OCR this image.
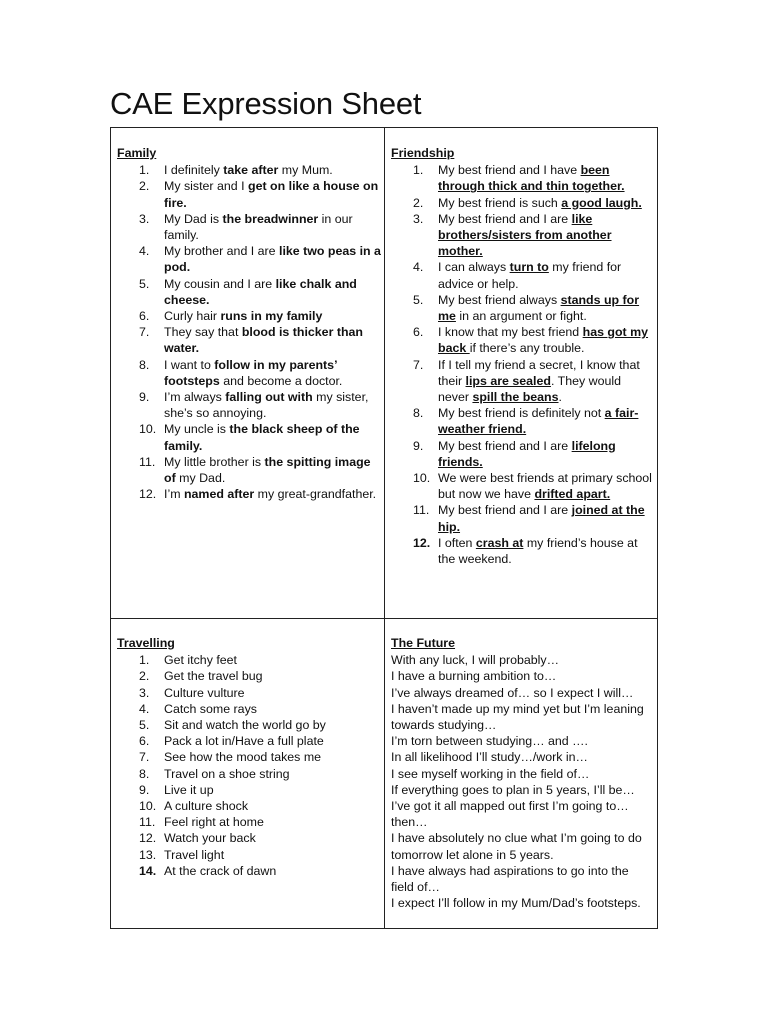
CAE Expression Sheet
Family
1.	I definitely take after my Mum.
2.	My sister and I get on like a house on fire.
3.	My Dad is the breadwinner in our family.
4.	My brother and I are like two peas in a pod.
5.	My cousin and I are like chalk and cheese.
6.	Curly hair runs in my family
7.	They say that blood is thicker than water.
8.	I want to follow in my parents’ footsteps and become a doctor.
9.	I’m always falling out with my sister, she’s so annoying.
10. My uncle is the black sheep of the family.
11. My little brother is the spitting image of my Dad.
12. I’m named after my great-grandfather.
Friendship
1.	My best friend and I have been through thick and thin together.
2.	My best friend is such a good laugh.
3.	My best friend and I are like brothers/sisters from another mother.
4.	I can always turn to my friend for advice or help.
5.	My best friend always stands up for me in an argument or fight.
6.	I know that my best friend has got my back if there’s any trouble.
7.	If I tell my friend a secret, I know that their lips are sealed. They would never spill the beans.
8.	My best friend is definitely not a fair-weather friend.
9.	My best friend and I are lifelong friends.
10. We were best friends at primary school but now we have drifted apart.
11. My best friend and I are joined at the hip.
12. I often crash at my friend’s house at the weekend.
Travelling
1.	Get itchy feet
2.	Get the travel bug
3.	Culture vulture
4.	Catch some rays
5.	Sit and watch the world go by
6.	Pack a lot in/Have a full plate
7.	See how the mood takes me
8.	Travel on a shoe string
9.	Live it up
10. A culture shock
11. Feel right at home
12. Watch your back
13. Travel light
14. At the crack of dawn
The Future

With any luck, I will probably…

I have a burning ambition to…

I’ve always dreamed of… so I expect I will…

I haven’t made up my mind yet but I’m leaning towards studying…

I’m torn between studying… and ….

In all likelihood I’ll study…/work in…

I see myself working in the field of…

If everything goes to plan in 5 years, I’ll be…

I’ve got it all mapped out first I’m going to… then…

I have absolutely no clue what I’m going to do tomorrow let alone in 5 years.

I have always had aspirations to go into the field of…

I expect I’ll follow in my Mum/Dad’s footsteps.
